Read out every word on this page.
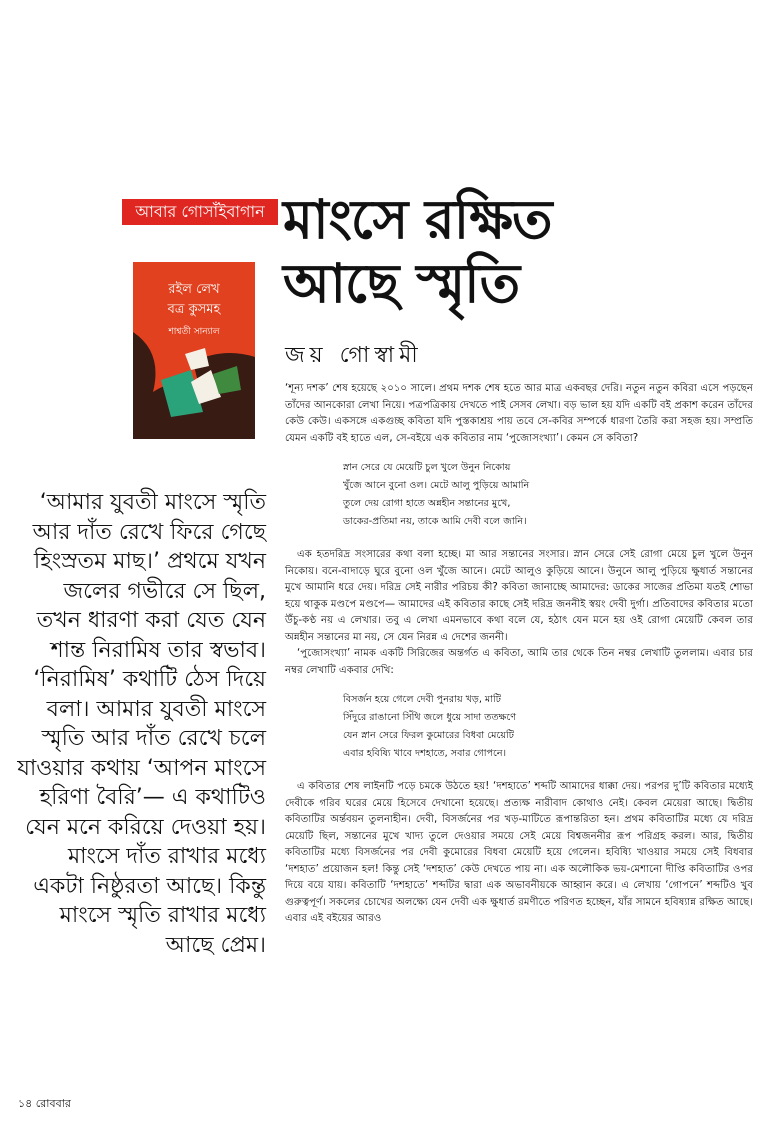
আবার গোসাঁইবাগান মাংসে রক্ষিত
আছে স্মৃতি
জয় গোস্বামী
রইল লেখ
বত্র কুসমহ
শাশ্বতী সান্যাল

‘আমার যুবতী মাংসে স্মৃতি আর দাঁত রেখে ফিরে গেছে হিংস্রতম মাছ।’ প্রথমে যখন জলের গভীরে সে ছিল, তখন ধারণা করা যেত যেন শান্ত নিরামিষ তার স্বভাব। ‘নিরামিষ’ কথাটি ঠেস দিয়ে বলা। আমার যুবতী মাংসে স্মৃতি আর দাঁত রেখে চলে যাওয়ার কথায় ‘আপন মাংসে হরিণা বৈরি’— এ কথাটিও যেন মনে করিয়ে দেওয়া হয়। মাংসে দাঁত রাখার মধ্যে একটা নিষ্ঠুরতা আছে। কিন্তু মাংসে স্মৃতি রাখার মধ্যে আছে প্রেম।

‘শূন্য দশক’ শেষ হয়েছে ২০১০ সালে। প্রথম দশক শেষ হতে আর মাত্র একবছর দেরি। নতুন নতুন কবিরা এসে পড়ছেন তাঁদের আনকোরা লেখা নিয়ে। পত্রপত্রিকায় দেখতে পাই সেসব লেখা। বড় ভাল হয় যদি একটি বই প্রকাশ করেন তাঁদের কেউ কেউ। একসঙ্গে একগুচ্ছ কবিতা যদি পুস্তকাশ্রয় পায় তবে সে-কবির সম্পর্কে ধারণা তৈরি করা সহজ হয়। সম্প্রতি যেমন একটি বই হাতে এল, সে-বইয়ে এক কবিতার নাম ‘পুজোসংখ্যা’। কেমন সে কবিতা?

স্নান সেরে যে মেয়েটি চুল খুলে উনুন নিকোয়
খুঁজে আনে বুনো ওল। মেটে আলু পুড়িয়ে আমানি
তুলে দেয় রোগা হাতে অন্নহীন সন্তানের মুখে,
ডাকের-প্রতিমা নয়, তাকে আমি দেবী বলে জানি।

এক হতদরিদ্র সংসারের কথা বলা হচ্ছে। মা আর সন্তানের সংসার। স্নান সেরে সেই রোগা মেয়ে চুল খুলে উনুন নিকোয়। বনে-বাদাড়ে ঘুরে বুনো ওল খুঁজে আনে। মেটে আলুও কুড়িয়ে আনে। উনুনে আলু পুড়িয়ে ক্ষুধার্ত সন্তানের মুখে আমানি ধরে দেয়। দরিদ্র সেই নারীর পরিচয় কী? কবিতা জানাচ্ছে আমাদের: ডাকের সাজের প্রতিমা যতই শোভা হয়ে থাকুক মণ্ডপে মণ্ডপে— আমাদের এই কবিতার কাছে সেই দরিদ্র জননীই স্বয়ং দেবী দুর্গা। প্রতিবাদের কবিতার মতো উঁচু-কণ্ঠ নয় এ লেখার। তবু এ লেখা এমনভাবে কথা বলে যে, হঠাৎ যেন মনে হয় ওই রোগা মেয়েটি কেবল তার অন্নহীন সন্তানের মা নয়, সে যেন নিরন্ন এ দেশের জননী।

‘পুজোসংখ্যা’ নামক একটি সিরিজের অন্তর্গত এ কবিতা, আমি তার থেকে তিন নম্বর লেখাটি তুললাম। এবার চার নম্বর লেখাটি একবার দেখি:

বিসর্জন হয়ে গেলে দেবী পুনরায় খড়, মাটি
সিঁদুরে রাঙানো সিঁথি জলে ধুয়ে সাদা ততক্ষণে
যেন স্নান সেরে ফিরল কুমোরের বিধবা মেয়েটি
এবার হবিষ্যি খাবে দশহাতে, সবার গোপনে।

এ কবিতার শেষ লাইনটি পড়ে চমকে উঠতে হয়! ‘দশহাতে’ শব্দটি আমাদের ধাক্কা দেয়। পরপর দু’টি কবিতার মধ্যেই দেবীকে গরিব ঘরের মেয়ে হিসেবে দেখানো হয়েছে। প্রত্যক্ষ নারীবাদ কোথাও নেই। কেবল মেয়েরা আছে। দ্বিতীয় কবিতাটির অর্ন্তবয়ন তুলনাহীন। দেবী, বিসর্জনের পর খড়-মাটিতে রূপান্তরিতা হন। প্রথম কবিতাটির মধ্যে যে দরিদ্র মেয়েটি ছিল, সন্তানের মুখে খাদ্য তুলে দেওয়ার সময়ে সেই মেয়ে বিশ্বজননীর রূপ পরিগ্রহ করল। আর, দ্বিতীয় কবিতাটির মধ্যে বিসর্জনের পর দেবী কুমোরের বিধবা মেয়েটি হয়ে গেলেন। হবিষ্যি খাওয়ার সময়ে সেই বিধবার ‘দশহাত’ প্রয়োজন হল! কিন্তু সেই ‘দশহাত’ কেউ দেখতে পায় না। এক অলৌকিক ভয়-মেশানো দীপ্তি কবিতাটির ওপর দিয়ে বয়ে যায়। কবিতাটি ‘দশহাতে’ শব্দটির দ্বারা এক অভাবনীয়কে আহ্বান করে। এ লেখায় ‘গোপনে’ শব্দটিও খুব গুরুত্বপূর্ণ। সকলের চোখের অলক্ষ্যে যেন দেবী এক ক্ষুধার্ত রমণীতে পরিণত হচ্ছেন, যাঁর সামনে হবিষ্যান্ন রক্ষিত আছে। এবার এই বইয়ের আরও

১৪ রোববার
